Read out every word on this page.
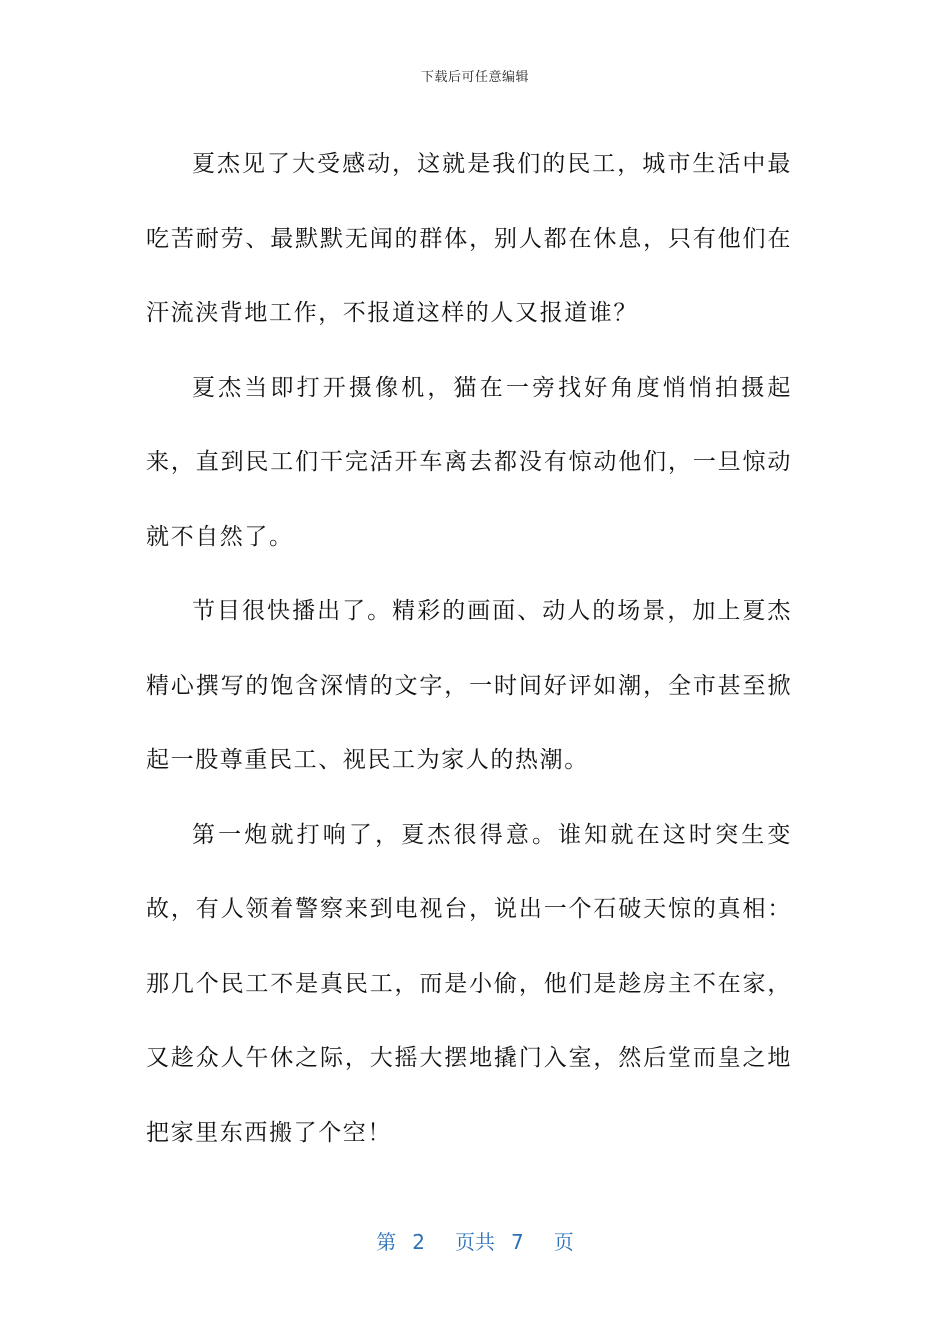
下载后可任意编辑

夏杰见了大受感动，这就是我们的民工，城市生活中最吃苦耐劳、最默默无闻的群体，别人都在休息，只有他们在汗流浃背地工作，不报道这样的人又报道谁？

夏杰当即打开摄像机，猫在一旁找好角度悄悄拍摄起来，直到民工们干完活开车离去都没有惊动他们，一旦惊动就不自然了。

节目很快播出了。精彩的画面、动人的场景，加上夏杰精心撰写的饱含深情的文字，一时间好评如潮，全市甚至掀起一股尊重民工、视民工为家人的热潮。

第一炮就打响了，夏杰很得意。谁知就在这时突生变故，有人领着警察来到电视台，说出一个石破天惊的真相：那几个民工不是真民工，而是小偷，他们是趁房主不在家，又趁众人午休之际，大摇大摆地撬门入室，然后堂而皇之地把家里东西搬了个空！

第 2 页共 7 页
